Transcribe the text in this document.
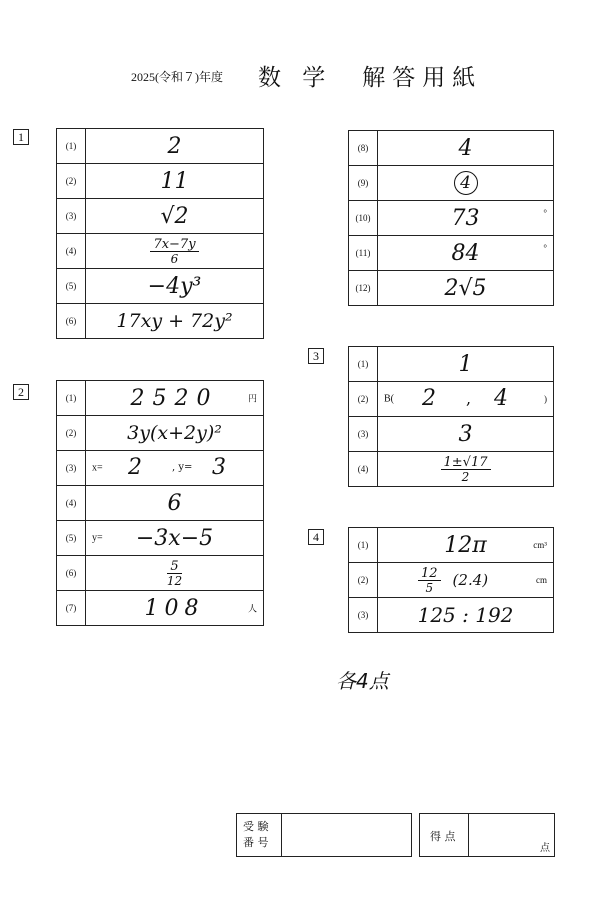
2025(令和７)年度 数 学　解答用紙
1
(1)	2

(2)	11

(3)	√2

(4)	$\frac{7x-7y}{6}$

(5)	−4y³

(6)	17xy + 72y²
(8)	4

(9)	4

(10)	73 °

(11)	84 °

(12)	2√5
2	(1)	2520 円

(2)	3y(x+2y)²

(3)	x= 2 , y= 3

(4)	6

(5)	y= −3x−5

(6)	$\frac{5}{12}$

(7)	108 人
3
(1)	1

(2)	B( 2 , 4 )

(3)	3

(4)	$\frac{1\pm√17}{2}$
4
(1)	12π cm³

(2)	$\frac{12}{5} (2.4)$ cm

(3)	125 : 192
各4点
受 験
番 号	得 点
点
